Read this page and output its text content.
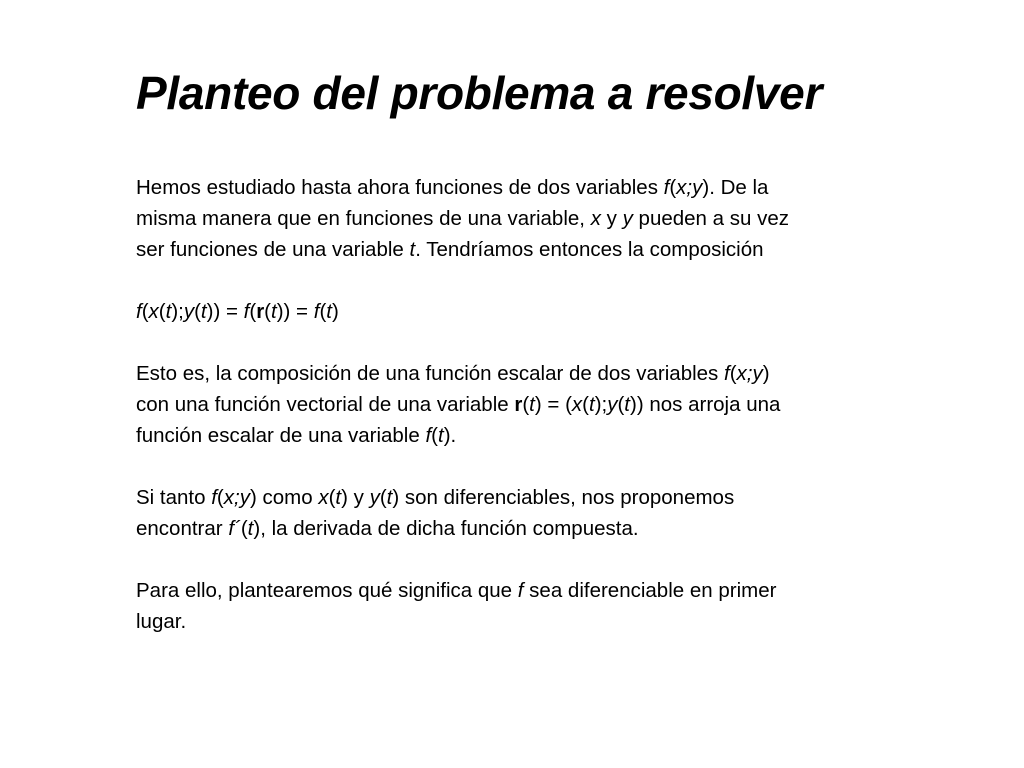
Planteo del problema a resolver

Hemos estudiado hasta ahora funciones de dos variables f(x;y). De la
misma manera que en funciones de una variable, x y y pueden a su vez
ser funciones de una variable t. Tendríamos entonces la composición

f(x(t);y(t)) = f(r(t)) = f(t)

Esto es, la composición de una función escalar de dos variables f(x;y)
con una función vectorial de una variable r(t) = (x(t);y(t)) nos arroja una
función escalar de una variable f(t).

Si tanto f(x;y) como x(t) y y(t) son diferenciables, nos proponemos
encontrar f´(t), la derivada de dicha función compuesta.

Para ello, plantearemos qué significa que f sea diferenciable en primer
lugar.
